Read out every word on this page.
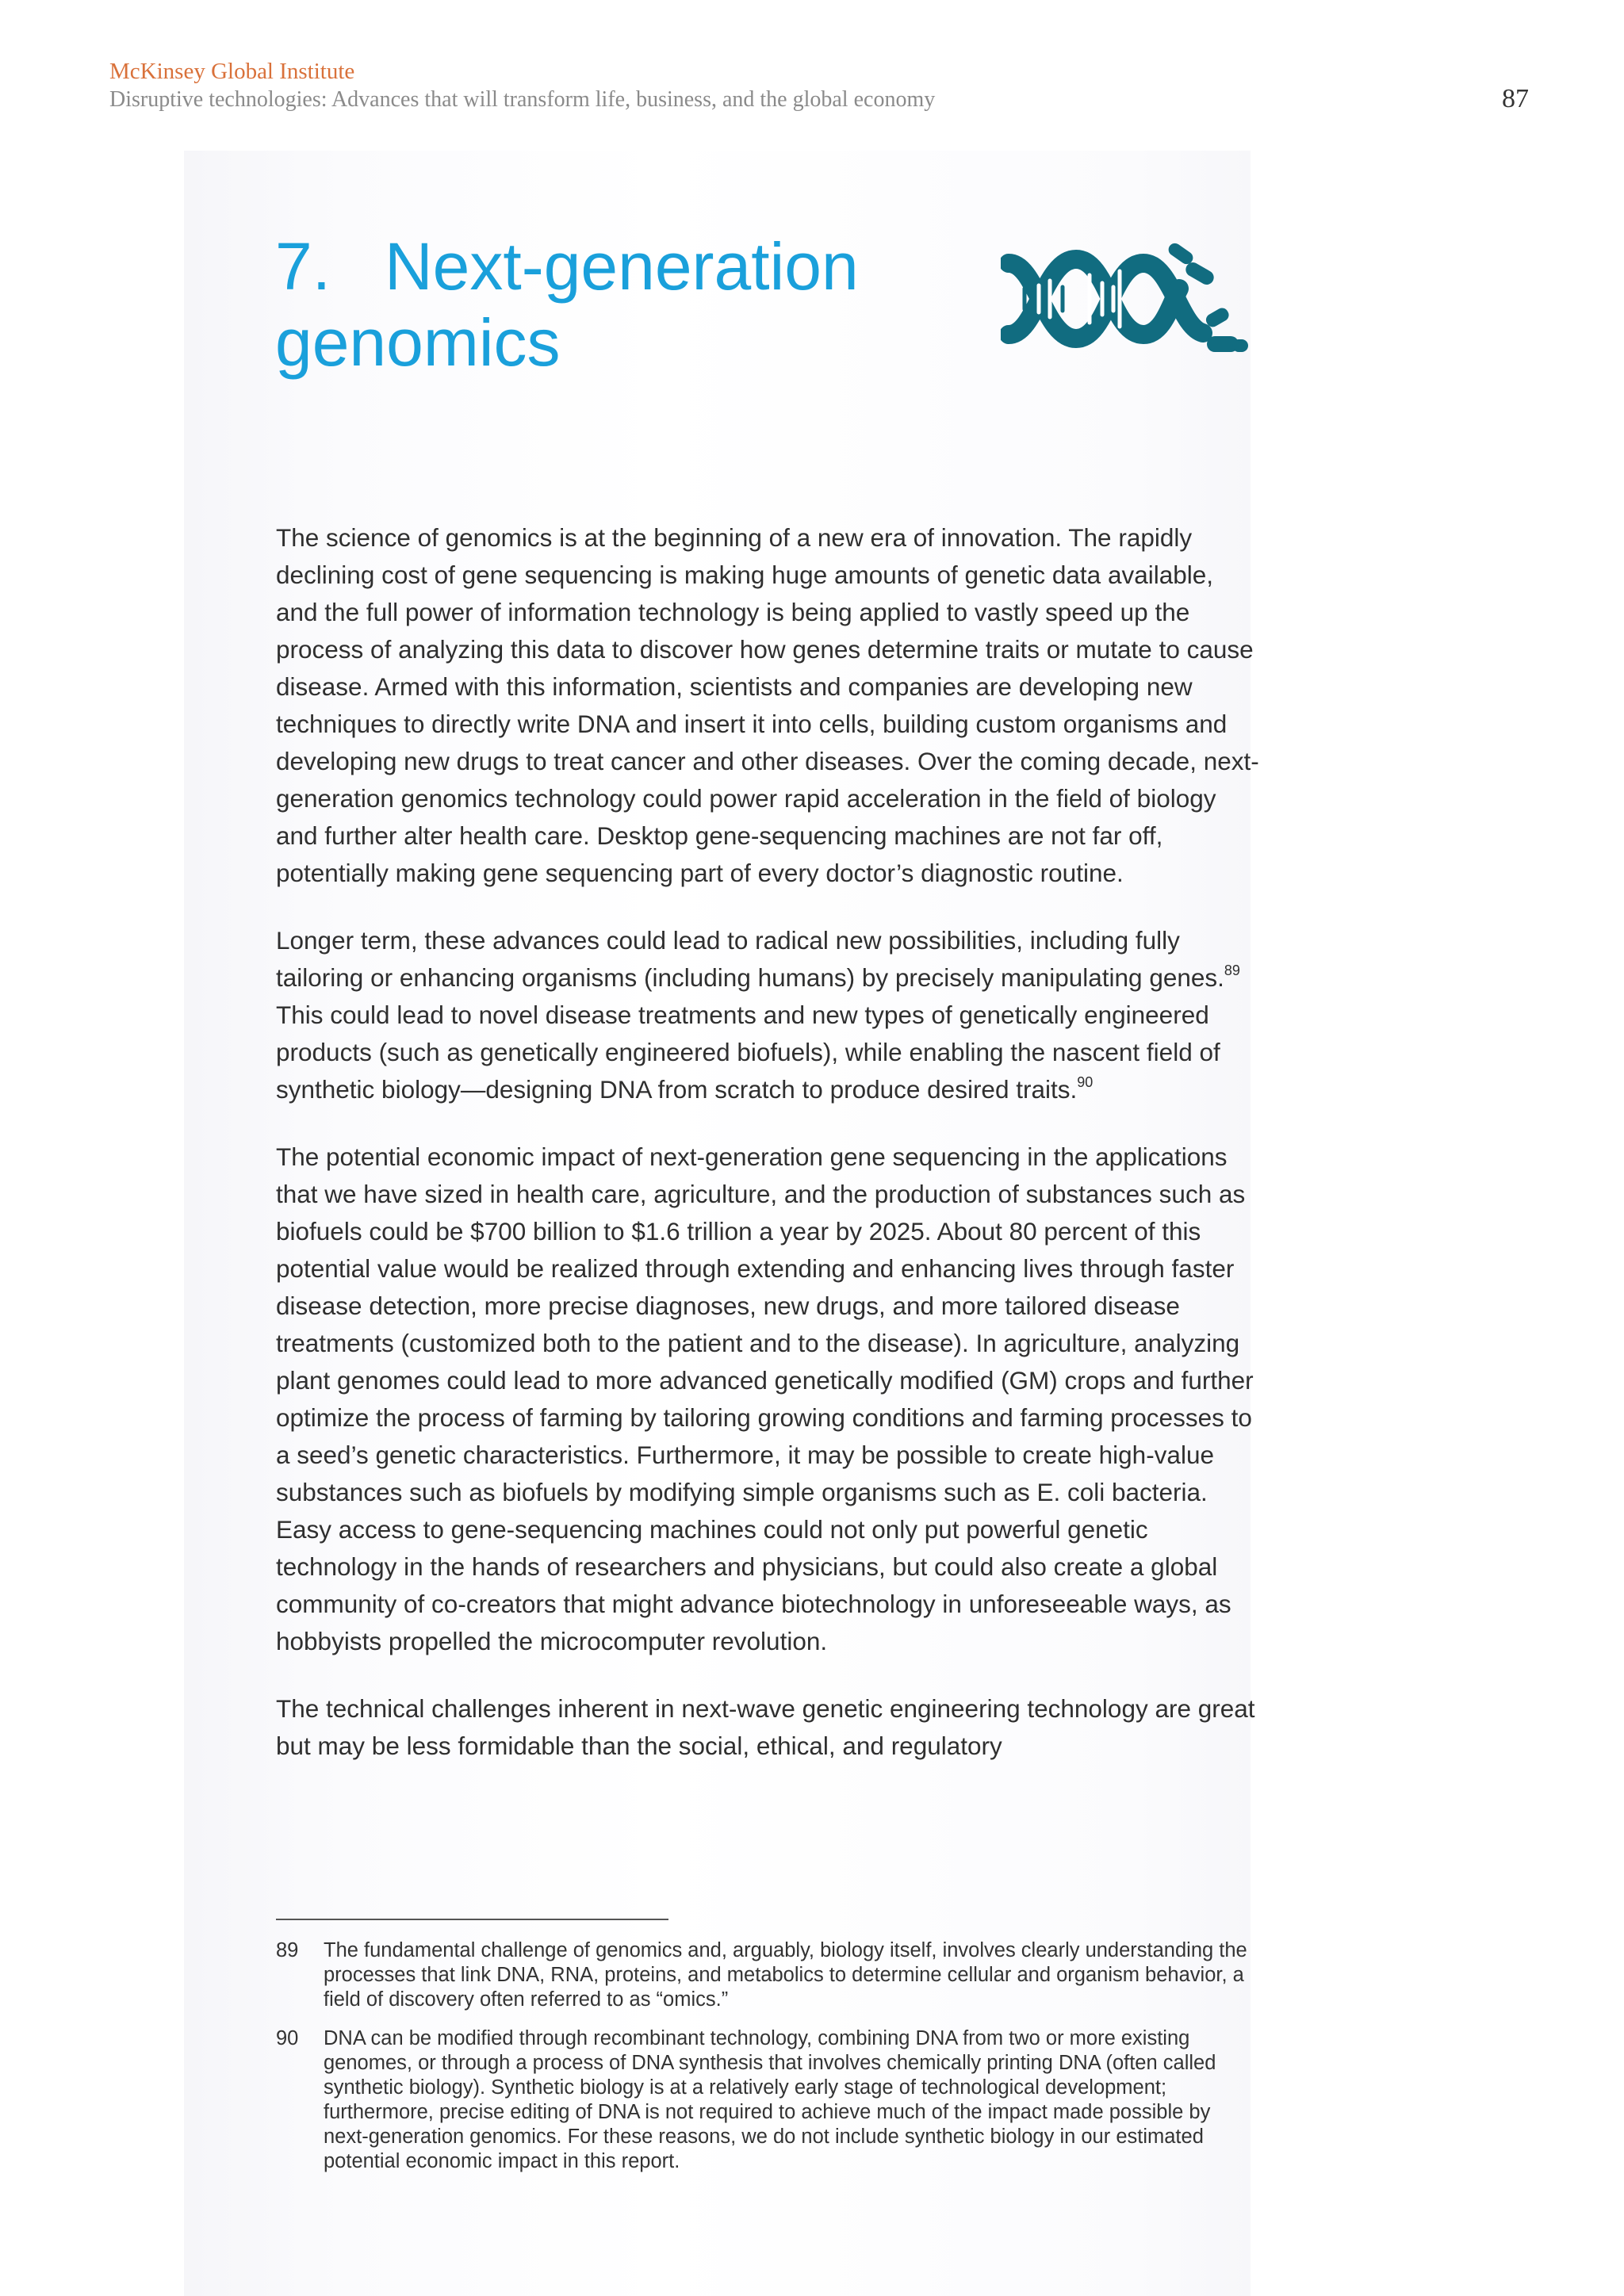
McKinsey Global Institute
Disruptive technologies: Advances that will transform life, business, and the global economy	87
7. Next-generation
genomics

The science of genomics is at the beginning of a new era of innovation. The rapidly declining cost of gene sequencing is making huge amounts of genetic data available, and the full power of information technology is being applied to vastly speed up the process of analyzing this data to discover how genes determine traits or mutate to cause disease. Armed with this information, scientists and companies are developing new techniques to directly write DNA and insert it into cells, building custom organisms and developing new drugs to treat cancer and other diseases. Over the coming decade, next-generation genomics technology could power rapid acceleration in the field of biology and further alter health care. Desktop gene-sequencing machines are not far off, potentially making gene sequencing part of every doctor’s diagnostic routine.

Longer term, these advances could lead to radical new possibilities, including fully tailoring or enhancing organisms (including humans) by precisely manipulating genes.$^{89}$ This could lead to novel disease treatments and new types of genetically engineered products (such as genetically engineered biofuels), while enabling the nascent field of synthetic biology—designing DNA from scratch to produce desired traits.$^{90}$

The potential economic impact of next-generation gene sequencing in the applications that we have sized in health care, agriculture, and the production of substances such as biofuels could be $700 billion to $1.6 trillion a year by 2025. About 80 percent of this potential value would be realized through extending and enhancing lives through faster disease detection, more precise diagnoses, new drugs, and more tailored disease treatments (customized both to the patient and to the disease). In agriculture, analyzing plant genomes could lead to more advanced genetically modified (GM) crops and further optimize the process of farming by tailoring growing conditions and farming processes to a seed’s genetic characteristics. Furthermore, it may be possible to create high-value substances such as biofuels by modifying simple organisms such as E. coli bacteria. Easy access to gene-sequencing machines could not only put powerful genetic technology in the hands of researchers and physicians, but could also create a global community of co-creators that might advance biotechnology in unforeseeable ways, as hobbyists propelled the microcomputer revolution.

The technical challenges inherent in next-wave genetic engineering technology are great but may be less formidable than the social, ethical, and regulatory

89	The fundamental challenge of genomics and, arguably, biology itself, involves clearly understanding the processes that link DNA, RNA, proteins, and metabolics to determine cellular and organism behavior, a field of discovery often referred to as “omics.”
90	DNA can be modified through recombinant technology, combining DNA from two or more existing genomes, or through a process of DNA synthesis that involves chemically printing DNA (often called synthetic biology). Synthetic biology is at a relatively early stage of technological development; furthermore, precise editing of DNA is not required to achieve much of the impact made possible by next-generation genomics. For these reasons, we do not include synthetic biology in our estimated potential economic impact in this report.
